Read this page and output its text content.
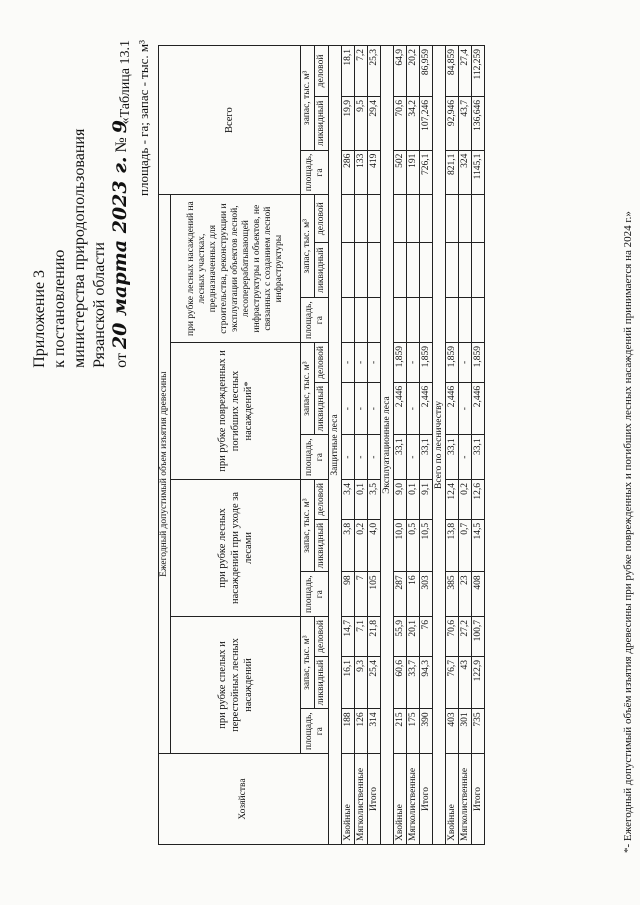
Приложение 3 к постановлению министерства природопользования Рязанской области от 20 марта 2023 г. № 9
«Таблица 13.1 площадь - га; запас - тыс. м³
Хозяйства	Ежегодный допустимый объем изъятия древесины												Всего		
	при рубке спелых и перестойных лесных насаждений			при рубке лесных насаждений при уходе за лесами			при рубке поврежденных и погибших лесных насаждений*			при рубке лесных насаждений на лесных участках, предназначенных для строительства, реконструкции и эксплуатации объектов лесной, лесоперерабатывающей инфраструктуры и объектов, не связанных с созданием лесной инфраструктуры					
	площадь, га	запас, тыс. м³		площадь, га	запас, тыс. м³		площадь, га	запас, тыс. м³		площадь, га	запас, тыс. м³		площадь, га	запас, тыс. м³	
		ликвидный	деловой		ликвидный	деловой		ликвидный	деловой		ликвидный	деловой		ликвидный	деловой
Защитные леса															
Хвойные	188	16,1	14,7	98	3,8	3,4	-	-	-				286	19,9	18,1
Мягколиственные	126	9,3	7,1	7	0,2	0,1	-	-	-				133	9,5	7,2
Итого	314	25,4	21,8	105	4,0	3,5	-	-	-				419	29,4	25,3
Эксплуатационные леса															
Хвойные	215	60,6	55,9	287	10,0	9,0	33,1	2,446	1,859				502	70,6	64,9
Мягколиственные	175	33,7	20,1	16	0,5	0,1	-	-	-				191	34,2	20,2
Итого	390	94,3	76	303	10,5	9,1	33,1	2,446	1,859				726,1	107,246	86,959
Всего по лесничеству															
Хвойные	403	76,7	70,6	385	13,8	12,4	33,1	2,446	1,859				821,1	92,946	84,859
Мягколиственные	301	43	27,2	23	0,7	0,2	-	-	-				324	43,7	27,4
Итого	735	122,9	100,7	408	14,5	12,6	33,1	2,446	1,859				1145,1	136,646	112,259
*- Ежегодный допустимый объём изъятия древесины при рубке поврежденных и погибших лесных насаждений принимается на 2024 г.»
